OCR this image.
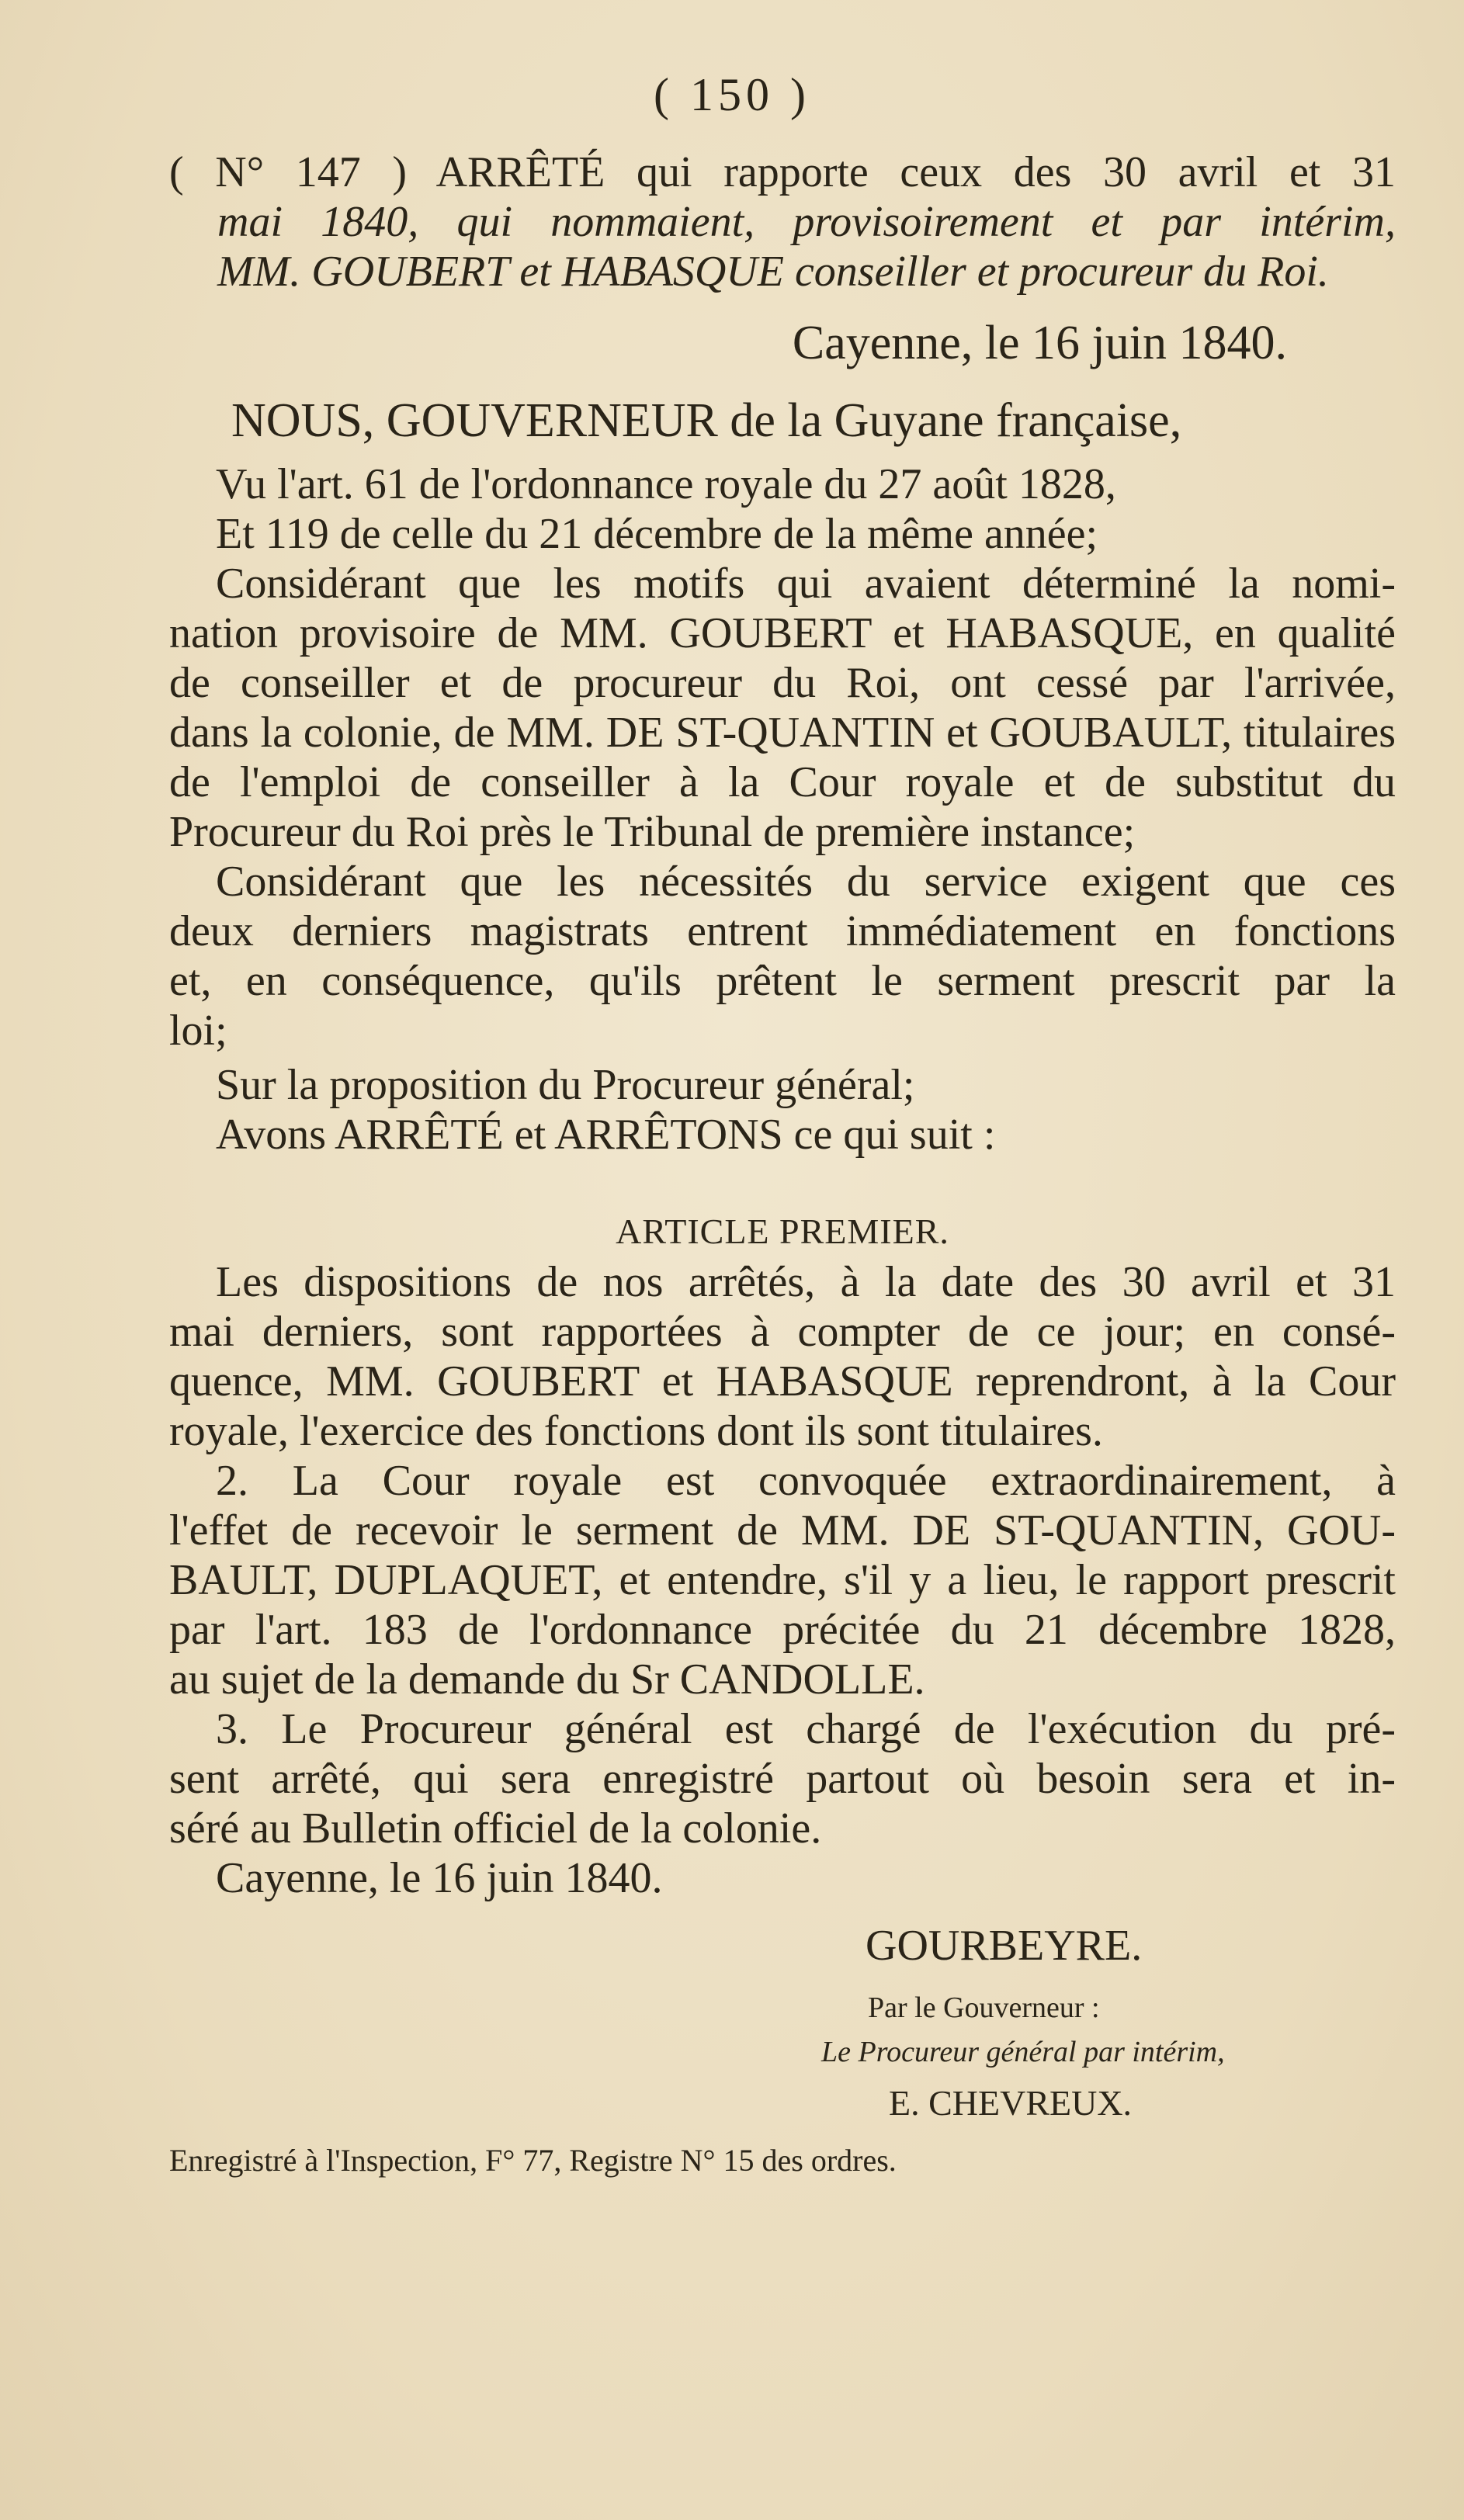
( 150 )
( N° 147 ) ARRÊTÉ qui rapporte ceux des 30 avril et 31
mai 1840, qui nommaient, provisoirement et par intérim,
MM. GOUBERT et HABASQUE conseiller et procureur du Roi.
Cayenne, le 16 juin 1840.
NOUS, GOUVERNEUR de la Guyane française,
Vu l'art. 61 de l'ordonnance royale du 27 août 1828,
Et 119 de celle du 21 décembre de la même année;
Considérant que les motifs qui avaient déterminé la nomi-
nation provisoire de MM. GOUBERT et HABASQUE, en qualité
de conseiller et de procureur du Roi, ont cessé par l'arrivée,
dans la colonie, de MM. DE ST-QUANTIN et GOUBAULT, titulaires
de l'emploi de conseiller à la Cour royale et de substitut du
Procureur du Roi près le Tribunal de première instance;
Considérant que les nécessités du service exigent que ces
deux derniers magistrats entrent immédiatement en fonctions
et, en conséquence, qu'ils prêtent le serment prescrit par la
loi;
Sur la proposition du Procureur général;
Avons ARRÊTÉ et ARRÊTONS ce qui suit :
ARTICLE PREMIER.
Les dispositions de nos arrêtés, à la date des 30 avril et 31
mai derniers, sont rapportées à compter de ce jour; en consé-
quence, MM. GOUBERT et HABASQUE reprendront, à la Cour
royale, l'exercice des fonctions dont ils sont titulaires.
2. La Cour royale est convoquée extraordinairement, à
l'effet de recevoir le serment de MM. DE ST-QUANTIN, GOU-
BAULT, DUPLAQUET, et entendre, s'il y a lieu, le rapport prescrit
par l'art. 183 de l'ordonnance précitée du 21 décembre 1828,
au sujet de la demande du Sr CANDOLLE.
3. Le Procureur général est chargé de l'exécution du pré-
sent arrêté, qui sera enregistré partout où besoin sera et in-
séré au Bulletin officiel de la colonie.
Cayenne, le 16 juin 1840.
GOURBEYRE.
Par le Gouverneur :
Le Procureur général par intérim,
E. CHEVREUX.
Enregistré à l'Inspection, F° 77, Registre N° 15 des ordres.
